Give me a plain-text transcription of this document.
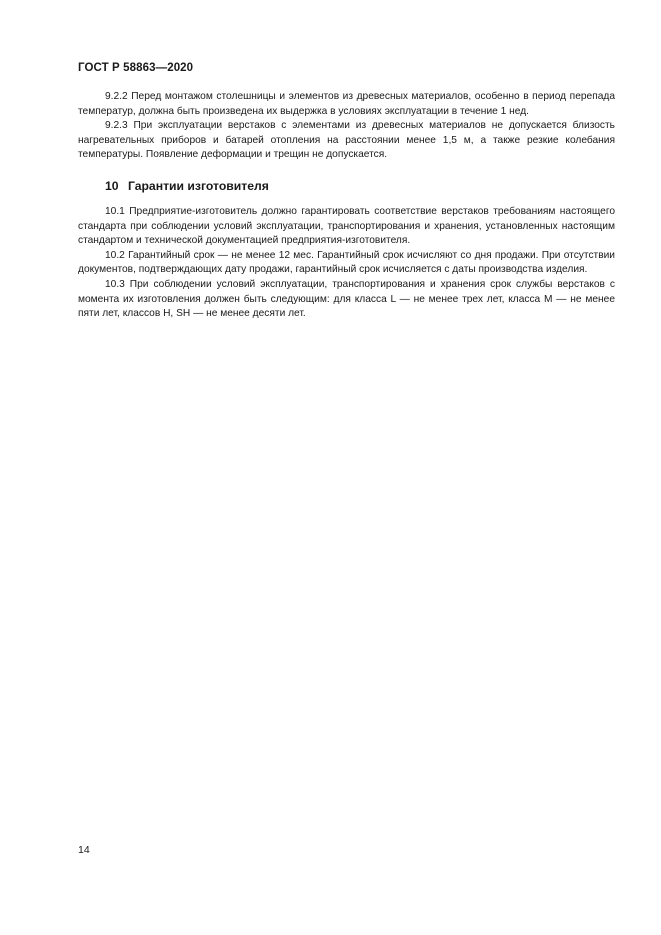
ГОСТ Р 58863—2020

9.2.2 Перед монтажом столешницы и элементов из древесных материалов, особенно в период перепада температур, должна быть произведена их выдержка в условиях эксплуатации в течение 1 нед.

9.2.3 При эксплуатации верстаков с элементами из древесных материалов не допускается близость нагревательных приборов и батарей отопления на расстоянии менее 1,5 м, а также резкие колебания температуры. Появление деформации и трещин не допускается.

10 Гарантии изготовителя

10.1 Предприятие-изготовитель должно гарантировать соответствие верстаков требованиям настоящего стандарта при соблюдении условий эксплуатации, транспортирования и хранения, установленных настоящим стандартом и технической документацией предприятия-изготовителя.

10.2 Гарантийный срок — не менее 12 мес. Гарантийный срок исчисляют со дня продажи. При отсутствии документов, подтверждающих дату продажи, гарантийный срок исчисляется с даты производства изделия.

10.3 При соблюдении условий эксплуатации, транспортирования и хранения срок службы верстаков с момента их изготовления должен быть следующим: для класса L — не менее трех лет, класса M — не менее пяти лет, классов H, SH — не менее десяти лет.

14
